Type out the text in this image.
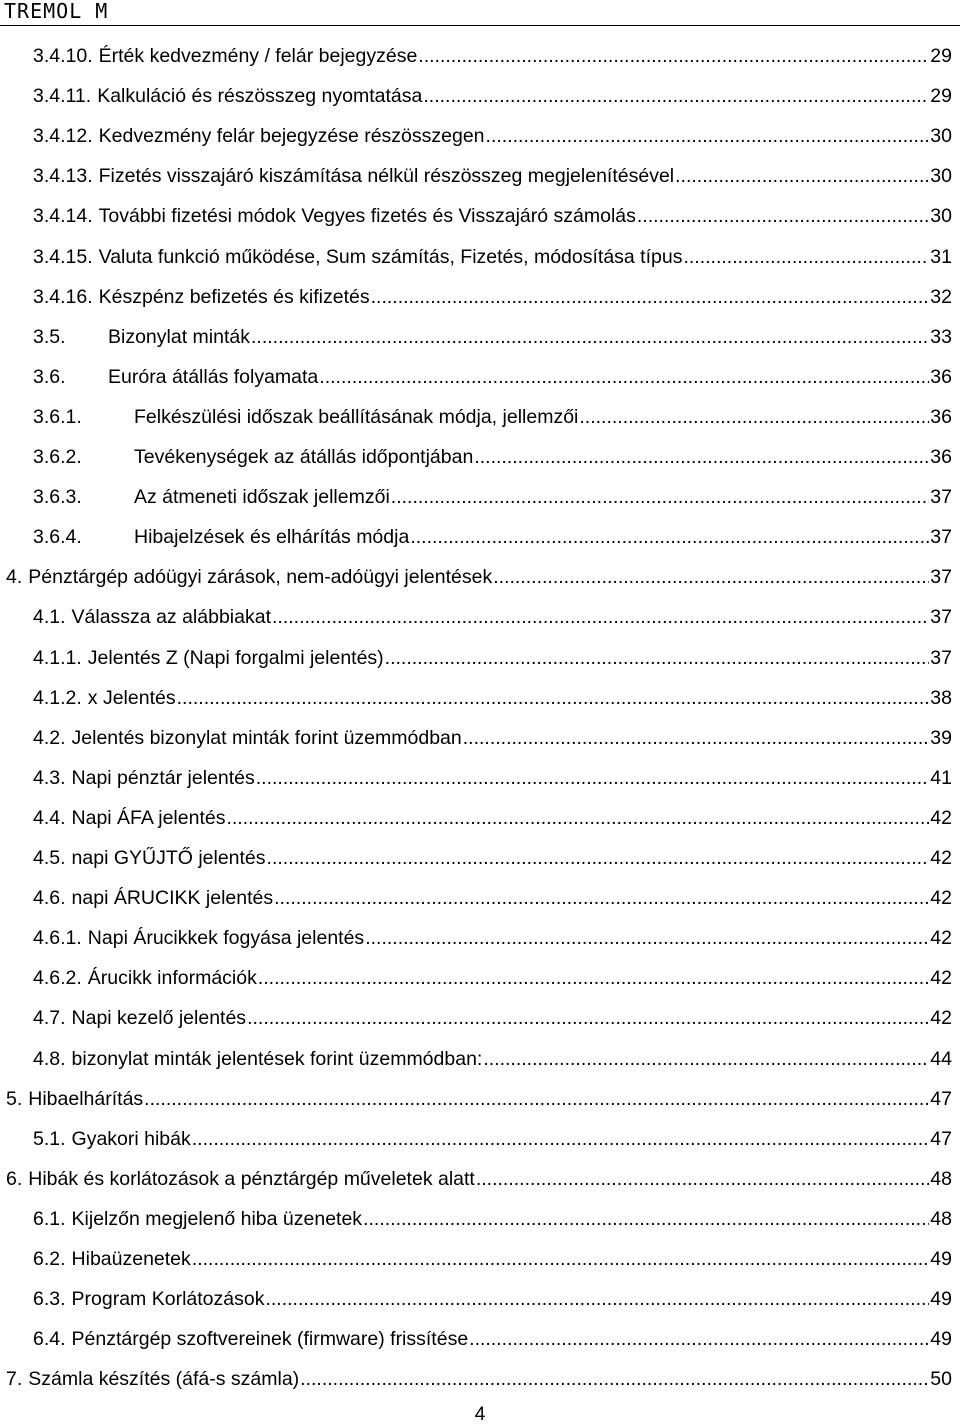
TREMOL M
3.4.10. Érték kedvezmény / felár bejegyzése .....	29
3.4.11. Kalkuláció és részösszeg nyomtatása .....	29
3.4.12. Kedvezmény felár bejegyzése részösszegen .....	30
3.4.13. Fizetés visszajáró kiszámítása nélkül részösszeg megjelenítésével .....	30
3.4.14. További fizetési módok Vegyes fizetés és Visszajáró számolás .....	30
3.4.15. Valuta funkció működése, Sum számítás, Fizetés, módosítása típus .....	31
3.4.16. Készpénz befizetés és kifizetés .....	32
3.5.	Bizonylat minták .....	33
3.6.	Euróra átállás folyamata .....	36
3.6.1.	Felkészülési időszak beállításának módja, jellemzői .....	36
3.6.2.	Tevékenységek az átállás időpontjában .....	36
3.6.3.	Az átmeneti időszak jellemzői .....	37
3.6.4.	Hibajelzések és elhárítás módja .....	37
4. Pénztárgép adóügyi zárások, nem-adóügyi jelentések .....	37
4.1. Válassza az alábbiakat .....	37
4.1.1. Jelentés Z (Napi forgalmi jelentés) .....	37
4.1.2. x Jelentés .....	38
4.2. Jelentés bizonylat minták forint üzemmódban .....	39
4.3. Napi pénztár jelentés .....	41
4.4. Napi ÁFA jelentés .....	42
4.5. napi GYŰJTŐ jelentés .....	42
4.6. napi ÁRUCIKK jelentés .....	42
4.6.1. Napi Árucikkek fogyása jelentés .....	42
4.6.2. Árucikk információk .....	42
4.7. Napi kezelő jelentés .....	42
4.8. bizonylat minták jelentések forint üzemmódban: .....	44
5. Hibaelhárítás .....	47
5.1. Gyakori hibák .....	47
6. Hibák és korlátozások a pénztárgép műveletek alatt .....	48
6.1. Kijelzőn megjelenő hiba üzenetek .....	48
6.2. Hibaüzenetek .....	49
6.3. Program Korlátozások .....	49
6.4. Pénztárgép szoftvereinek (firmware) frissítése .....	49
7. Számla készítés (áfá-s számla) .....	50
4
